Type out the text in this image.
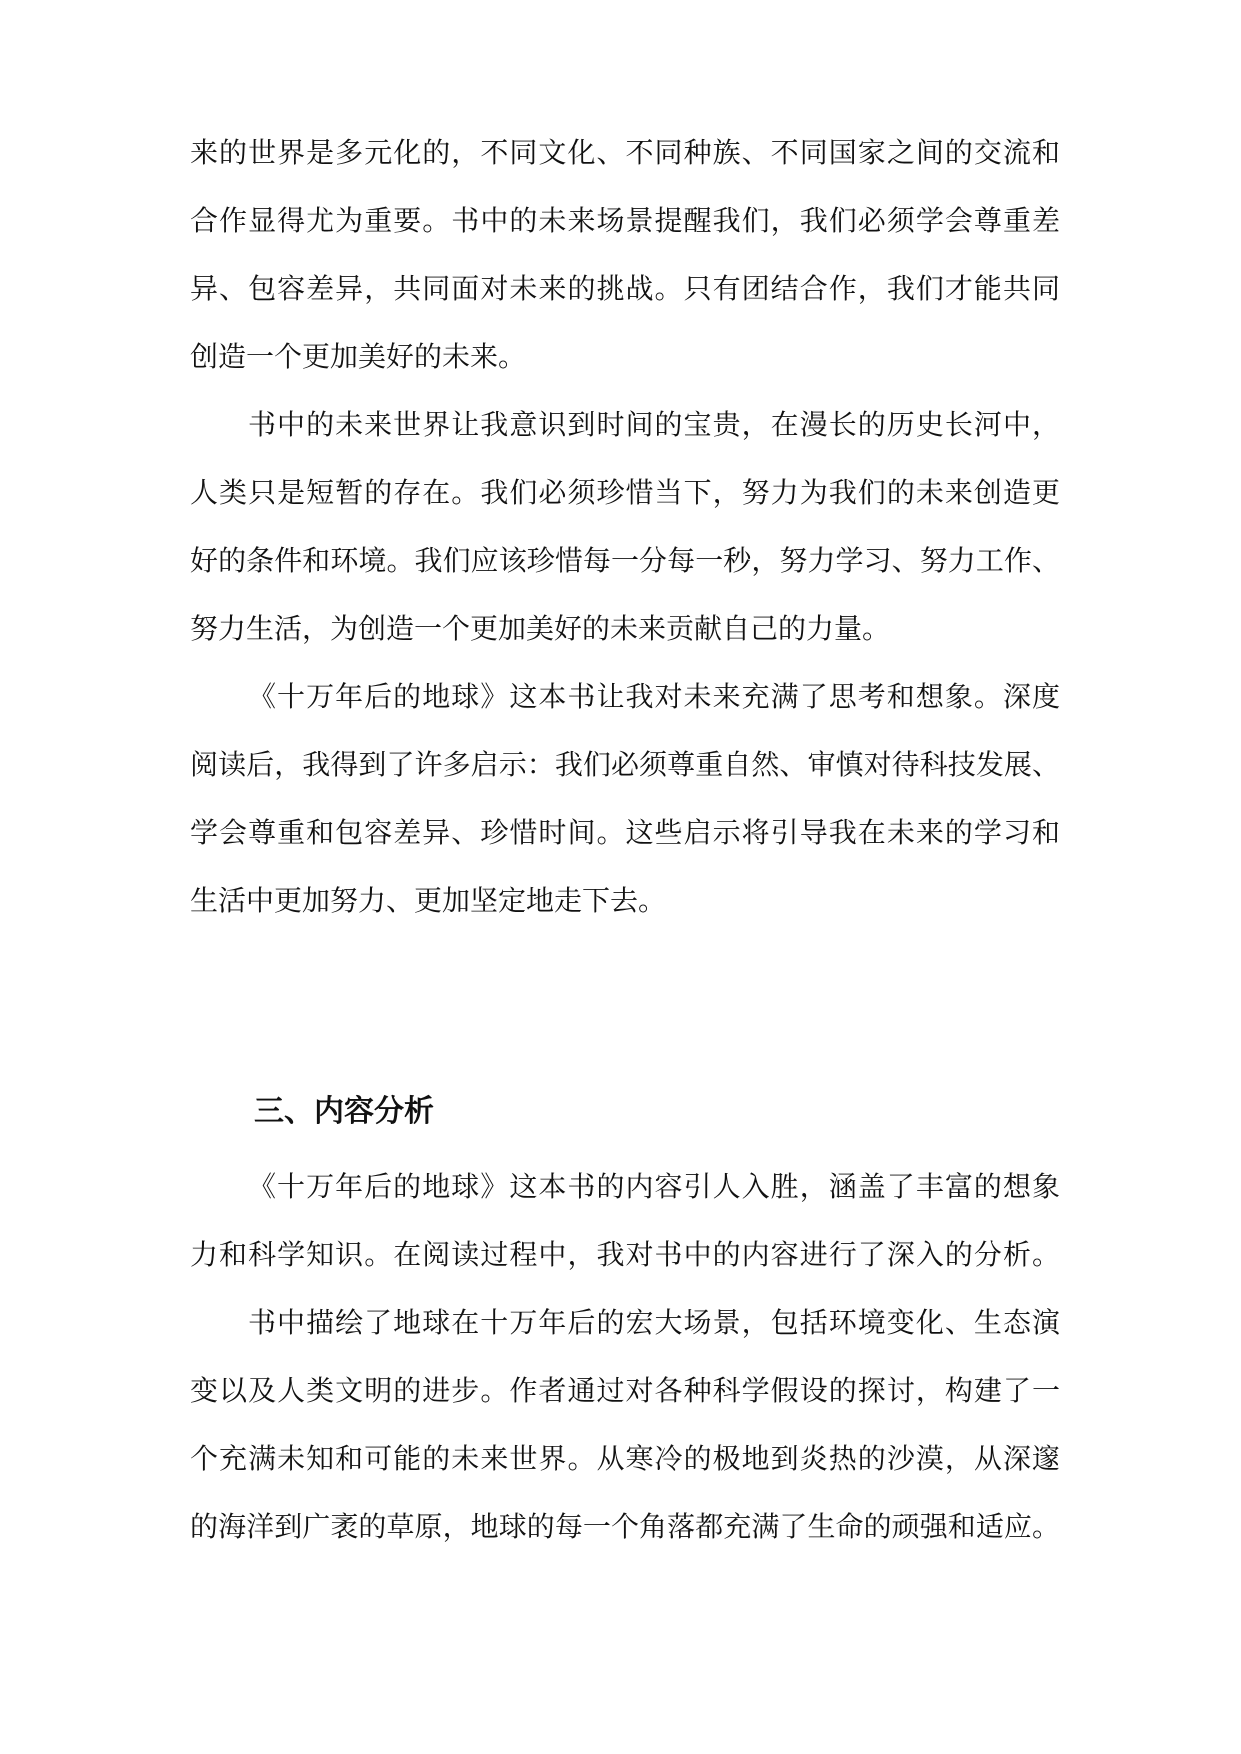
来的世界是多元化的，不同文化、不同种族、不同国家之间的交流和

合作显得尤为重要。书中的未来场景提醒我们，我们必须学会尊重差

异、包容差异，共同面对未来的挑战。只有团结合作，我们才能共同

创造一个更加美好的未来。

书中的未来世界让我意识到时间的宝贵，在漫长的历史长河中，

人类只是短暂的存在。我们必须珍惜当下，努力为我们的未来创造更

好的条件和环境。我们应该珍惜每一分每一秒，努力学习、努力工作、

努力生活，为创造一个更加美好的未来贡献自己的力量。

《十万年后的地球》这本书让我对未来充满了思考和想象。深度

阅读后，我得到了许多启示：我们必须尊重自然、审慎对待科技发展、

学会尊重和包容差异、珍惜时间。这些启示将引导我在未来的学习和

生活中更加努力、更加坚定地走下去。

三、内容分析

《十万年后的地球》这本书的内容引人入胜，涵盖了丰富的想象

力和科学知识。在阅读过程中，我对书中的内容进行了深入的分析。

书中描绘了地球在十万年后的宏大场景，包括环境变化、生态演

变以及人类文明的进步。作者通过对各种科学假设的探讨，构建了一

个充满未知和可能的未来世界。从寒冷的极地到炎热的沙漠，从深邃

的海洋到广袤的草原，地球的每一个角落都充满了生命的顽强和适应。
